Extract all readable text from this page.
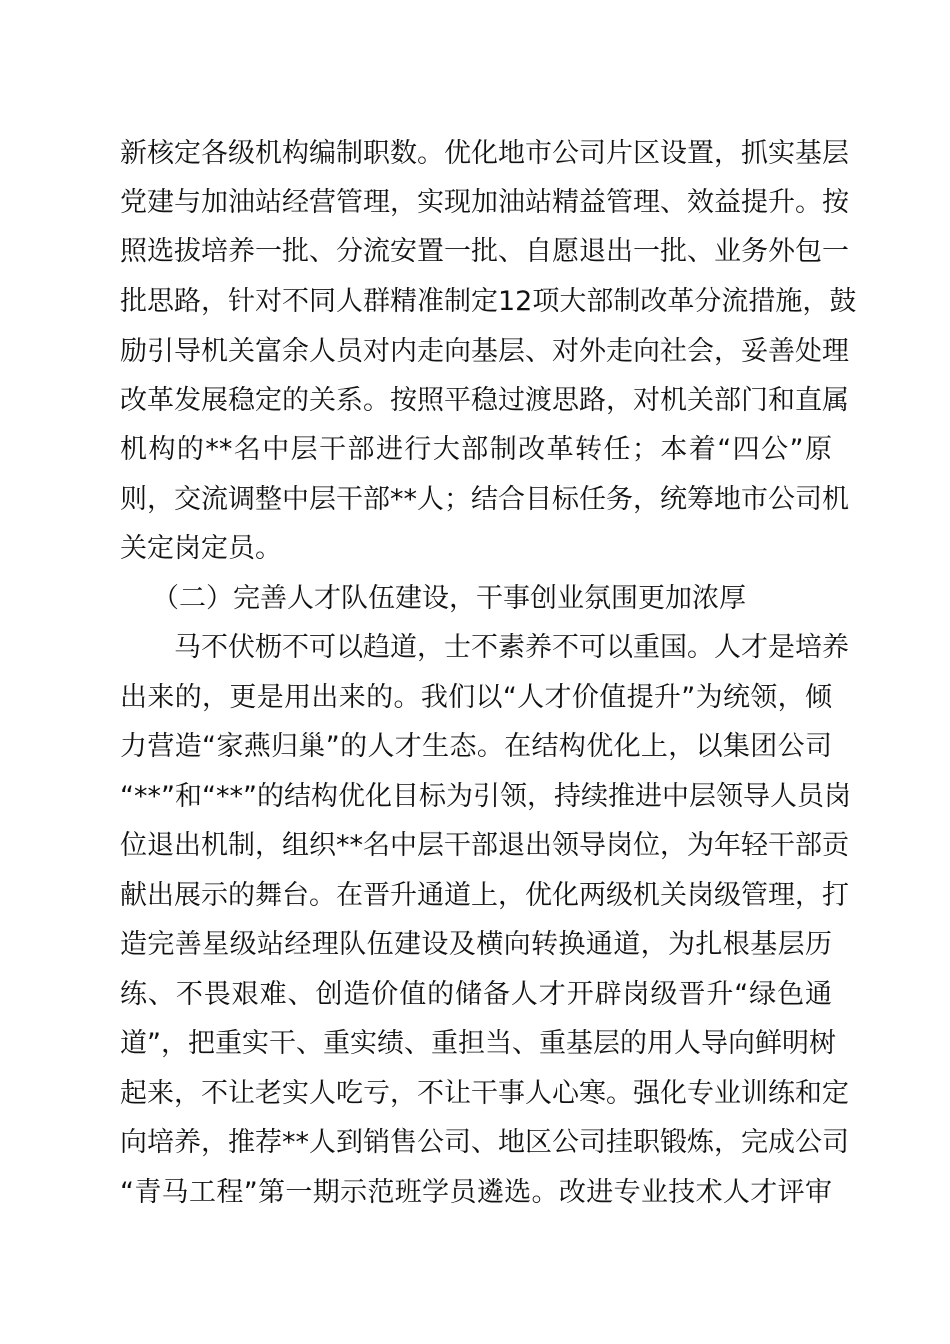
新核定各级机构编制职数。优化地市公司片区设置，抓实基层
党建与加油站经营管理，实现加油站精益管理、效益提升。按
照选拔培养一批、分流安置一批、自愿退出一批、业务外包一
批思路，针对不同人群精准制定12项大部制改革分流措施，鼓
励引导机关富余人员对内走向基层、对外走向社会，妥善处理
改革发展稳定的关系。按照平稳过渡思路，对机关部门和直属
机构的**名中层干部进行大部制改革转任；本着“四公”原
则，交流调整中层干部**人；结合目标任务，统筹地市公司机
关定岗定员。
（二）完善人才队伍建设，干事创业氛围更加浓厚
马不伏枥不可以趋道，士不素养不可以重国。人才是培养
出来的，更是用出来的。我们以“人才价值提升”为统领，倾
力营造“家燕归巢”的人才生态。在结构优化上，以集团公司
“**”和“**”的结构优化目标为引领，持续推进中层领导人员岗
位退出机制，组织**名中层干部退出领导岗位，为年轻干部贡
献出展示的舞台。在晋升通道上，优化两级机关岗级管理，打
造完善星级站经理队伍建设及横向转换通道，为扎根基层历
练、不畏艰难、创造价值的储备人才开辟岗级晋升“绿色通
道”，把重实干、重实绩、重担当、重基层的用人导向鲜明树
起来，不让老实人吃亏，不让干事人心寒。强化专业训练和定
向培养，推荐**人到销售公司、地区公司挂职锻炼，完成公司
“青马工程”第一期示范班学员遴选。改进专业技术人才评审
